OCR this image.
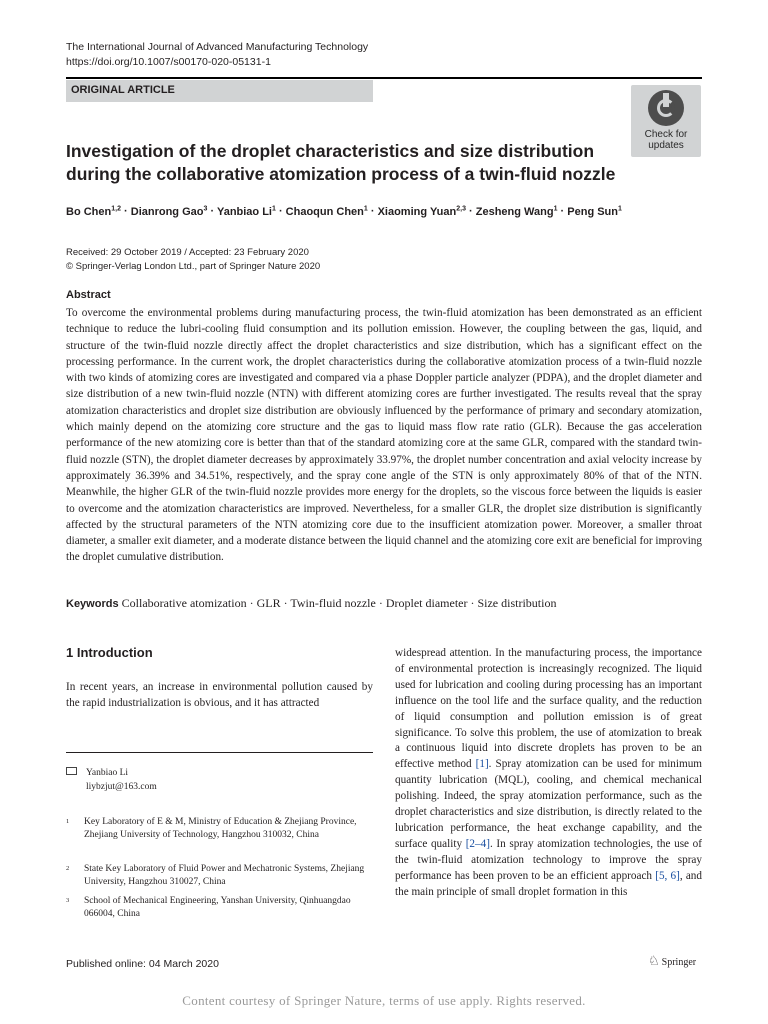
The International Journal of Advanced Manufacturing Technology
https://doi.org/10.1007/s00170-020-05131-1
ORIGINAL ARTICLE
Check for
updates
Investigation of the droplet characteristics and size distribution during the collaborative atomization process of a twin-fluid nozzle
Bo Chen$^{1,2}$ · Dianrong Gao$^3$ · Yanbiao $Li^1$ · Chaoqun Chen$^1$ · Xiaoming Yuan$^{2,3}$ · Zesheng Wang$^1$ · Peng Sun$^1$
Received: 29 October 2019 / Accepted: 23 February 2020
© Springer-Verlag London Ltd., part of Springer Nature 2020
Abstract
To overcome the environmental problems during manufacturing process, the twin-fluid atomization has been demonstrated as an efficient technique to reduce the lubri-cooling fluid consumption and its pollution emission. However, the coupling between the gas, liquid, and structure of the twin-fluid nozzle directly affect the droplet characteristics and size distribution, which has a significant effect on the processing performance. In the current work, the droplet characteristics during the collaborative atomization process of a twin-fluid nozzle with two kinds of atomizing cores are investigated and compared via a phase Doppler particle analyzer (PDPA), and the droplet diameter and size distribution of a new twin-fluid nozzle (NTN) with different atomizing cores are further investigated. The results reveal that the spray atomization characteristics and droplet size distribution are obviously influenced by the performance of primary and secondary atomization, which mainly depend on the atomizing core structure and the gas to liquid mass flow rate ratio (GLR). Because the gas acceleration performance of the new atomizing core is better than that of the standard atomizing core at the same GLR, compared with the standard twin-fluid nozzle (STN), the droplet diameter decreases by approximately 33.97%, the droplet number concentration and axial velocity increase by approximately 36.39% and 34.51%, respectively, and the spray cone angle of the STN is only approximately 80% of that of the NTN. Meanwhile, the higher GLR of the twin-fluid nozzle provides more energy for the droplets, so the viscous force between the liquids is easier to overcome and the atomization characteristics are improved. Nevertheless, for a smaller GLR, the droplet size distribution is significantly affected by the structural parameters of the NTN atomizing core due to the insufficient atomization power. Moreover, a smaller throat diameter, a smaller exit diameter, and a moderate distance between the liquid channel and the atomizing core exit are beneficial for improving the droplet cumulative distribution.
Keywords Collaborative atomization · GLR · Twin-fluid nozzle · Droplet diameter · Size distribution
1 Introduction
In recent years, an increase in environmental pollution caused by the rapid industrialization is obvious, and it has attracted
widespread attention. In the manufacturing process, the importance of environmental protection is increasingly recognized. The liquid used for lubrication and cooling during processing has an important influence on the tool life and the surface quality, and the reduction of liquid consumption and pollution emission is of great significance. To solve this problem, the use of atomization to break a continuous liquid into discrete droplets has proven to be an effective method [1]. Spray atomization can be used for minimum quantity lubrication (MQL), cooling, and chemical mechanical polishing. Indeed, the spray atomization performance, such as the droplet characteristics and size distribution, is directly related to the lubrication performance, the heat exchange capability, and the surface quality [2–4]. In spray atomization technologies, the use of the twin-fluid atomization technology to improve the spray performance has been proven to be an efficient approach [5, 6], and the main principle of small droplet formation in this
Yanbiao Li
liybzjut@163.com
1 Key Laboratory of E & M, Ministry of Education & Zhejiang Province, Zhejiang University of Technology, Hangzhou 310032, China
2 State Key Laboratory of Fluid Power and Mechatronic Systems, Zhejiang University, Hangzhou 310027, China
3 School of Mechanical Engineering, Yanshan University, Qinhuangdao 066004, China
Published online: 04 March 2020	♘ Springer
Content courtesy of Springer Nature, terms of use apply. Rights reserved.
